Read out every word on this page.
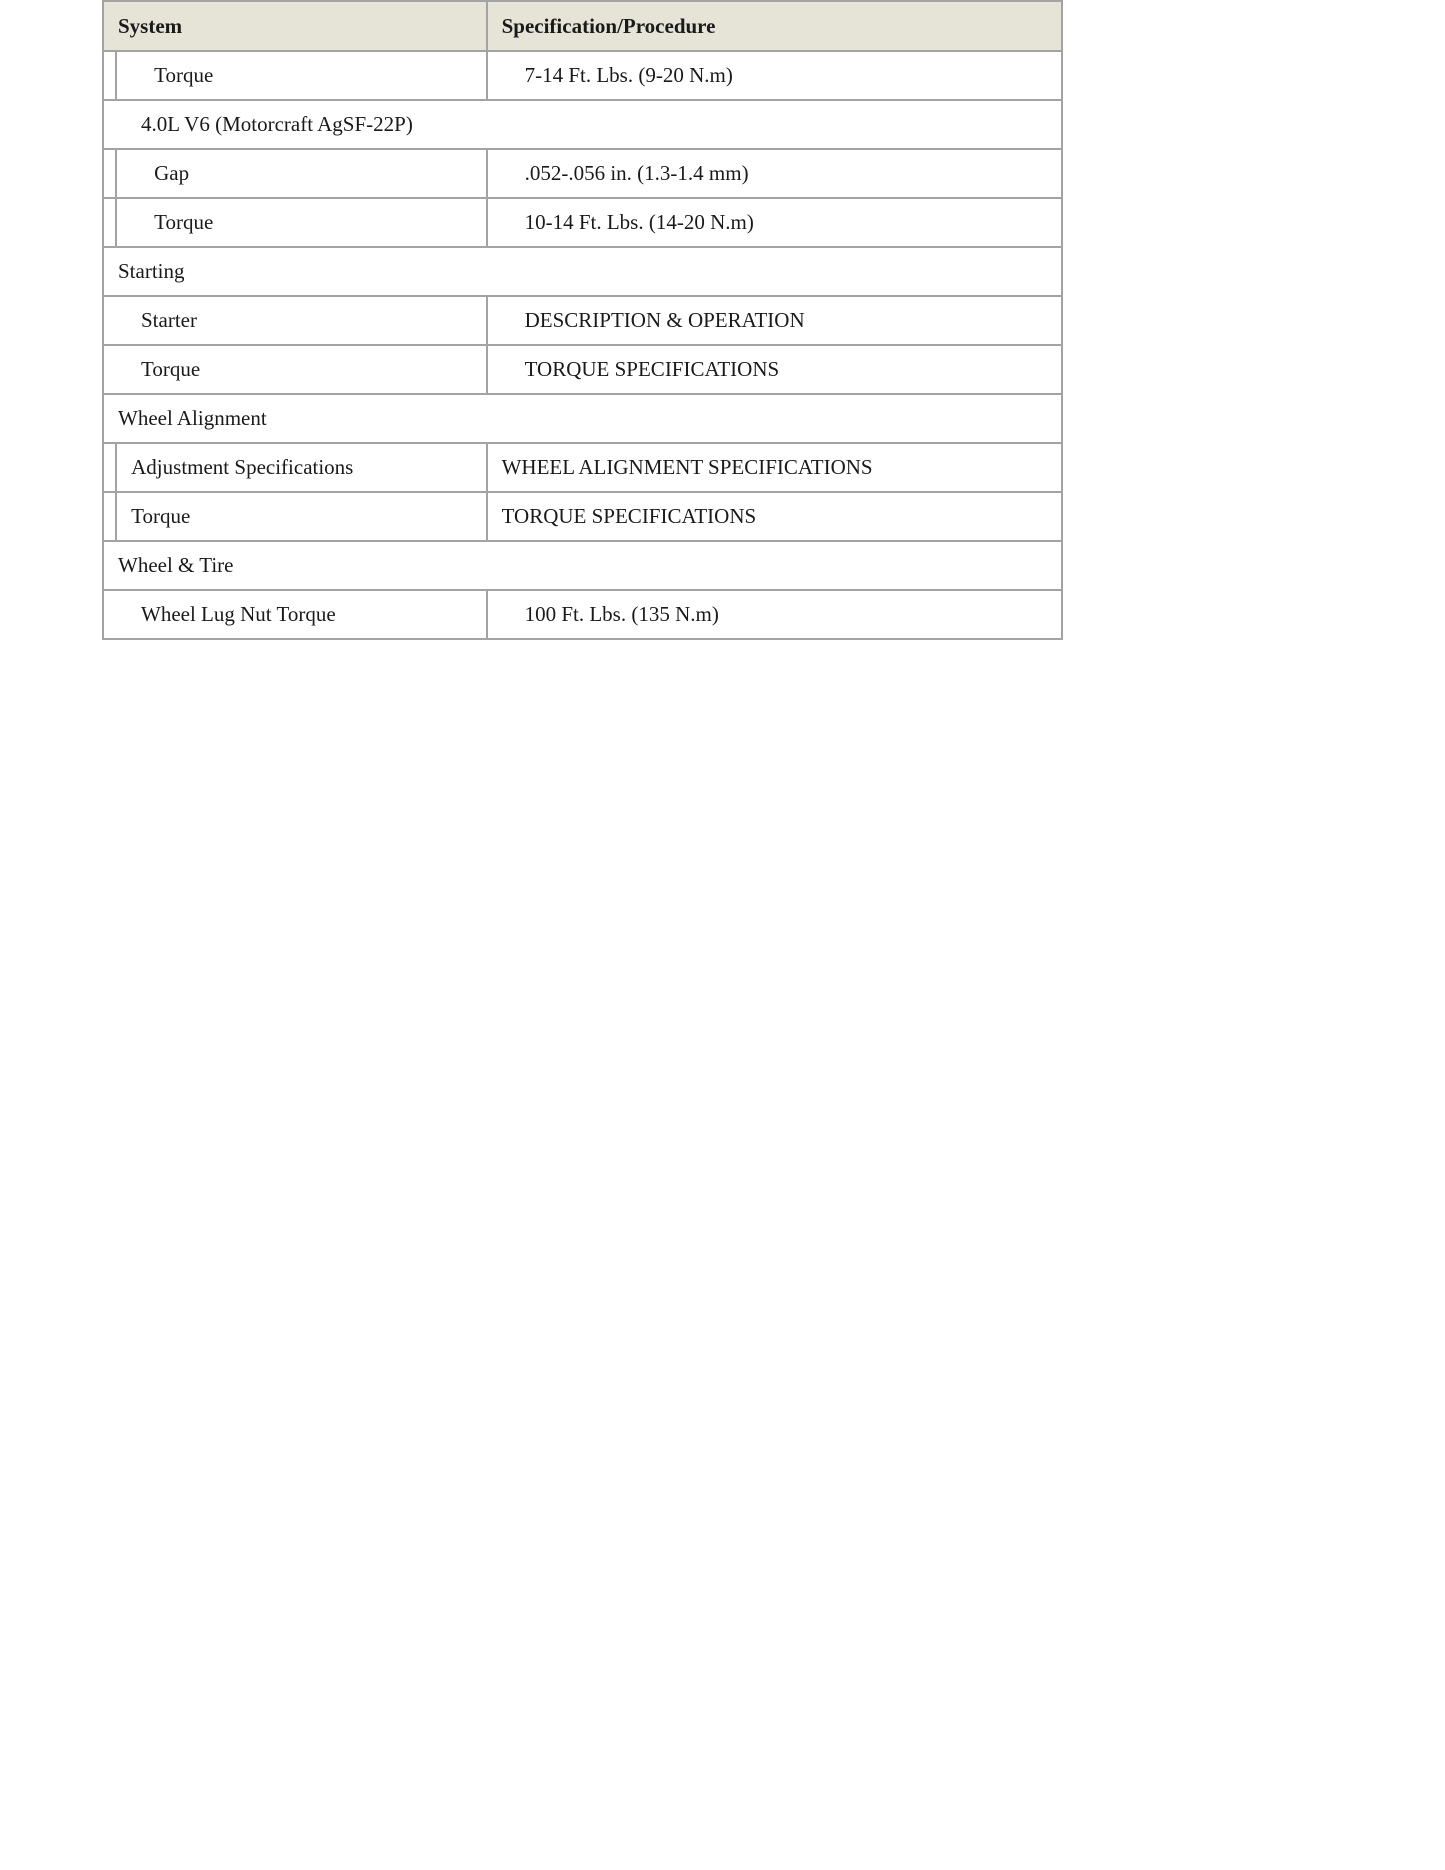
System		Specification/Procedure
	Torque	7-14 Ft. Lbs. (9-20 N.m)
4.0L V6 (Motorcraft AgSF-22P)		
	Gap	.052-.056 in. (1.3-1.4 mm)
	Torque	10-14 Ft. Lbs. (14-20 N.m)
Starting		
Starter		DESCRIPTION & OPERATION
Torque		TORQUE SPECIFICATIONS
Wheel Alignment		
	Adjustment Specifications	WHEEL ALIGNMENT SPECIFICATIONS
	Torque	TORQUE SPECIFICATIONS
Wheel & Tire		
Wheel Lug Nut Torque		100 Ft. Lbs. (135 N.m)
